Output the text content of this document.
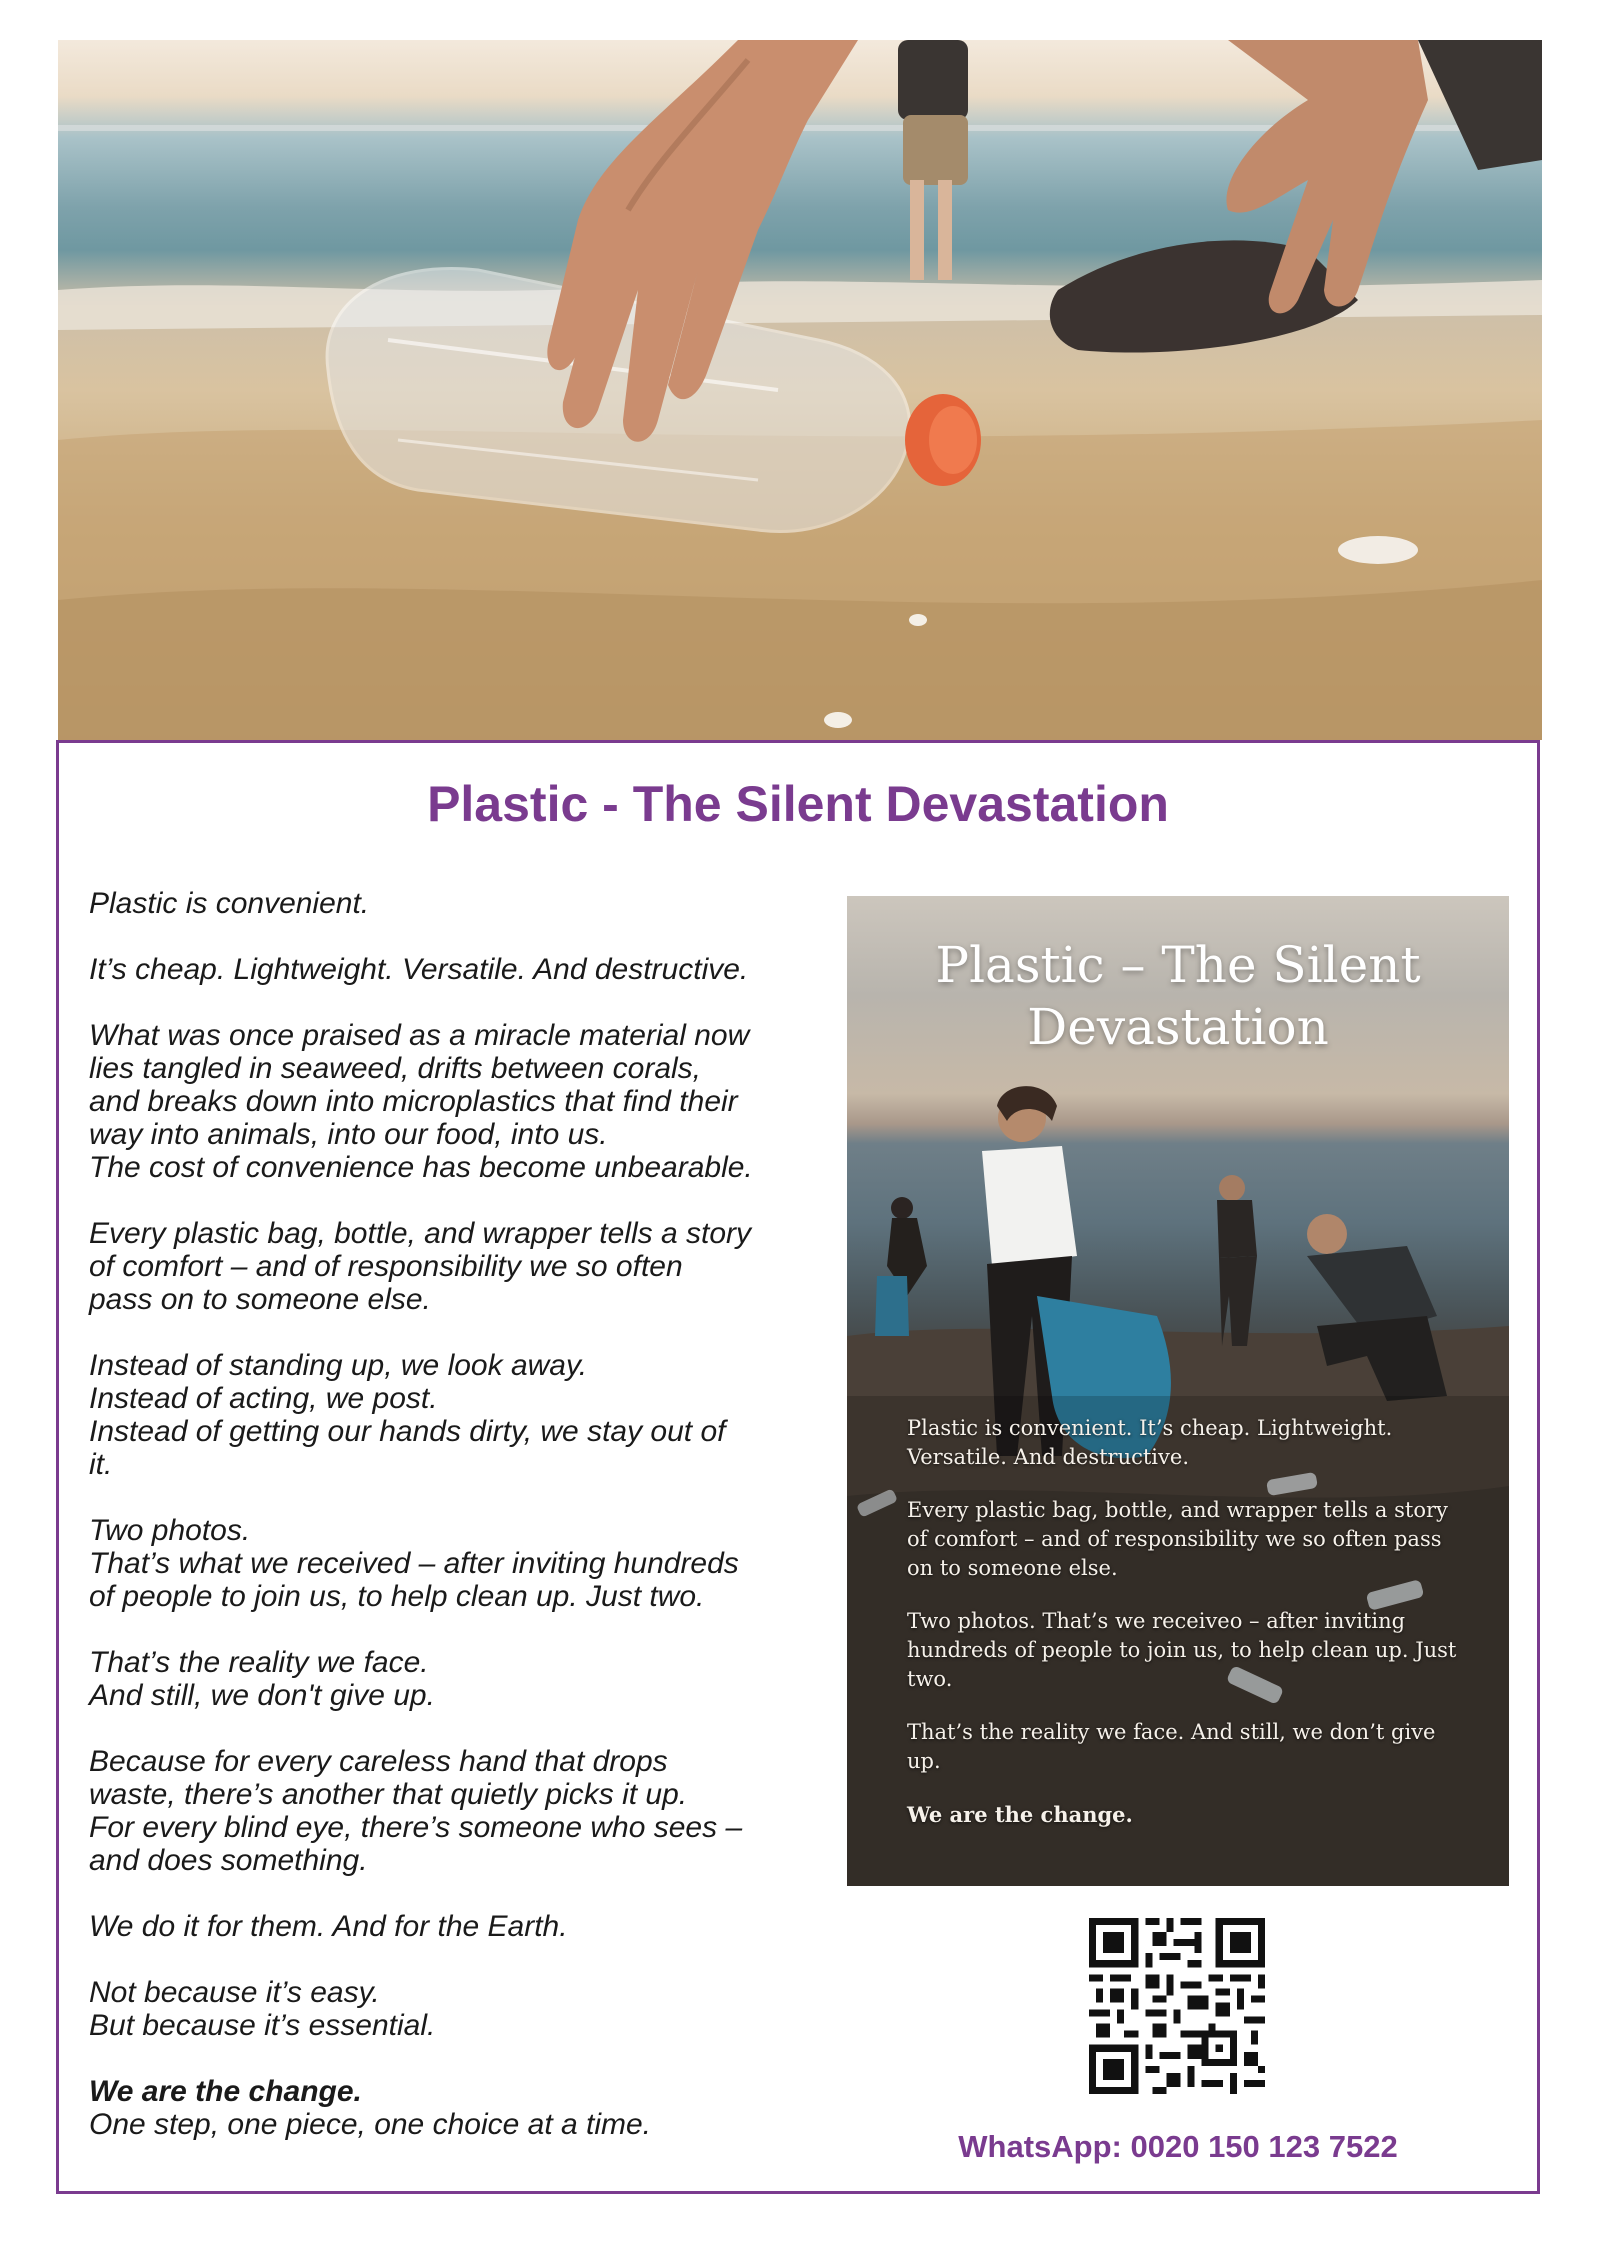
Plastic - The Silent Devastation

Plastic is convenient.

It’s cheap. Lightweight. Versatile. And destructive.

What was once praised as a miracle material now
lies tangled in seaweed, drifts between corals,
and breaks down into microplastics that find their
way into animals, into our food, into us.
The cost of convenience has become unbearable.

Every plastic bag, bottle, and wrapper tells a story
of comfort – and of responsibility we so often
pass on to someone else.

Instead of standing up, we look away.
Instead of acting, we post.
Instead of getting our hands dirty, we stay out of
it.

Two photos.
That’s what we received – after inviting hundreds
of people to join us, to help clean up. Just two.

That’s the reality we face.
And still, we don't give up.

Because for every careless hand that drops
waste, there’s another that quietly picks it up.
For every blind eye, there’s someone who sees –
and does something.

We do it for them. And for the Earth.

Not because it’s easy.
But because it’s essential.

We are the change.
One step, one piece, one choice at a time.

Plastic – The Silent
Devastation

Plastic is convenient. It’s cheap. Lightweight. Versatile. And destructive.

Every plastic bag, bottle, and wrapper tells a story of comfort – and of responsibility we so often pass on to someone else.

Two photos. That’s we receiveo – after inviting hundreds of people to join us, to help clean up. Just two.

That’s the reality we face. And still, we don’t give up.

We are the change.

WhatsApp: 0020 150 123 7522
